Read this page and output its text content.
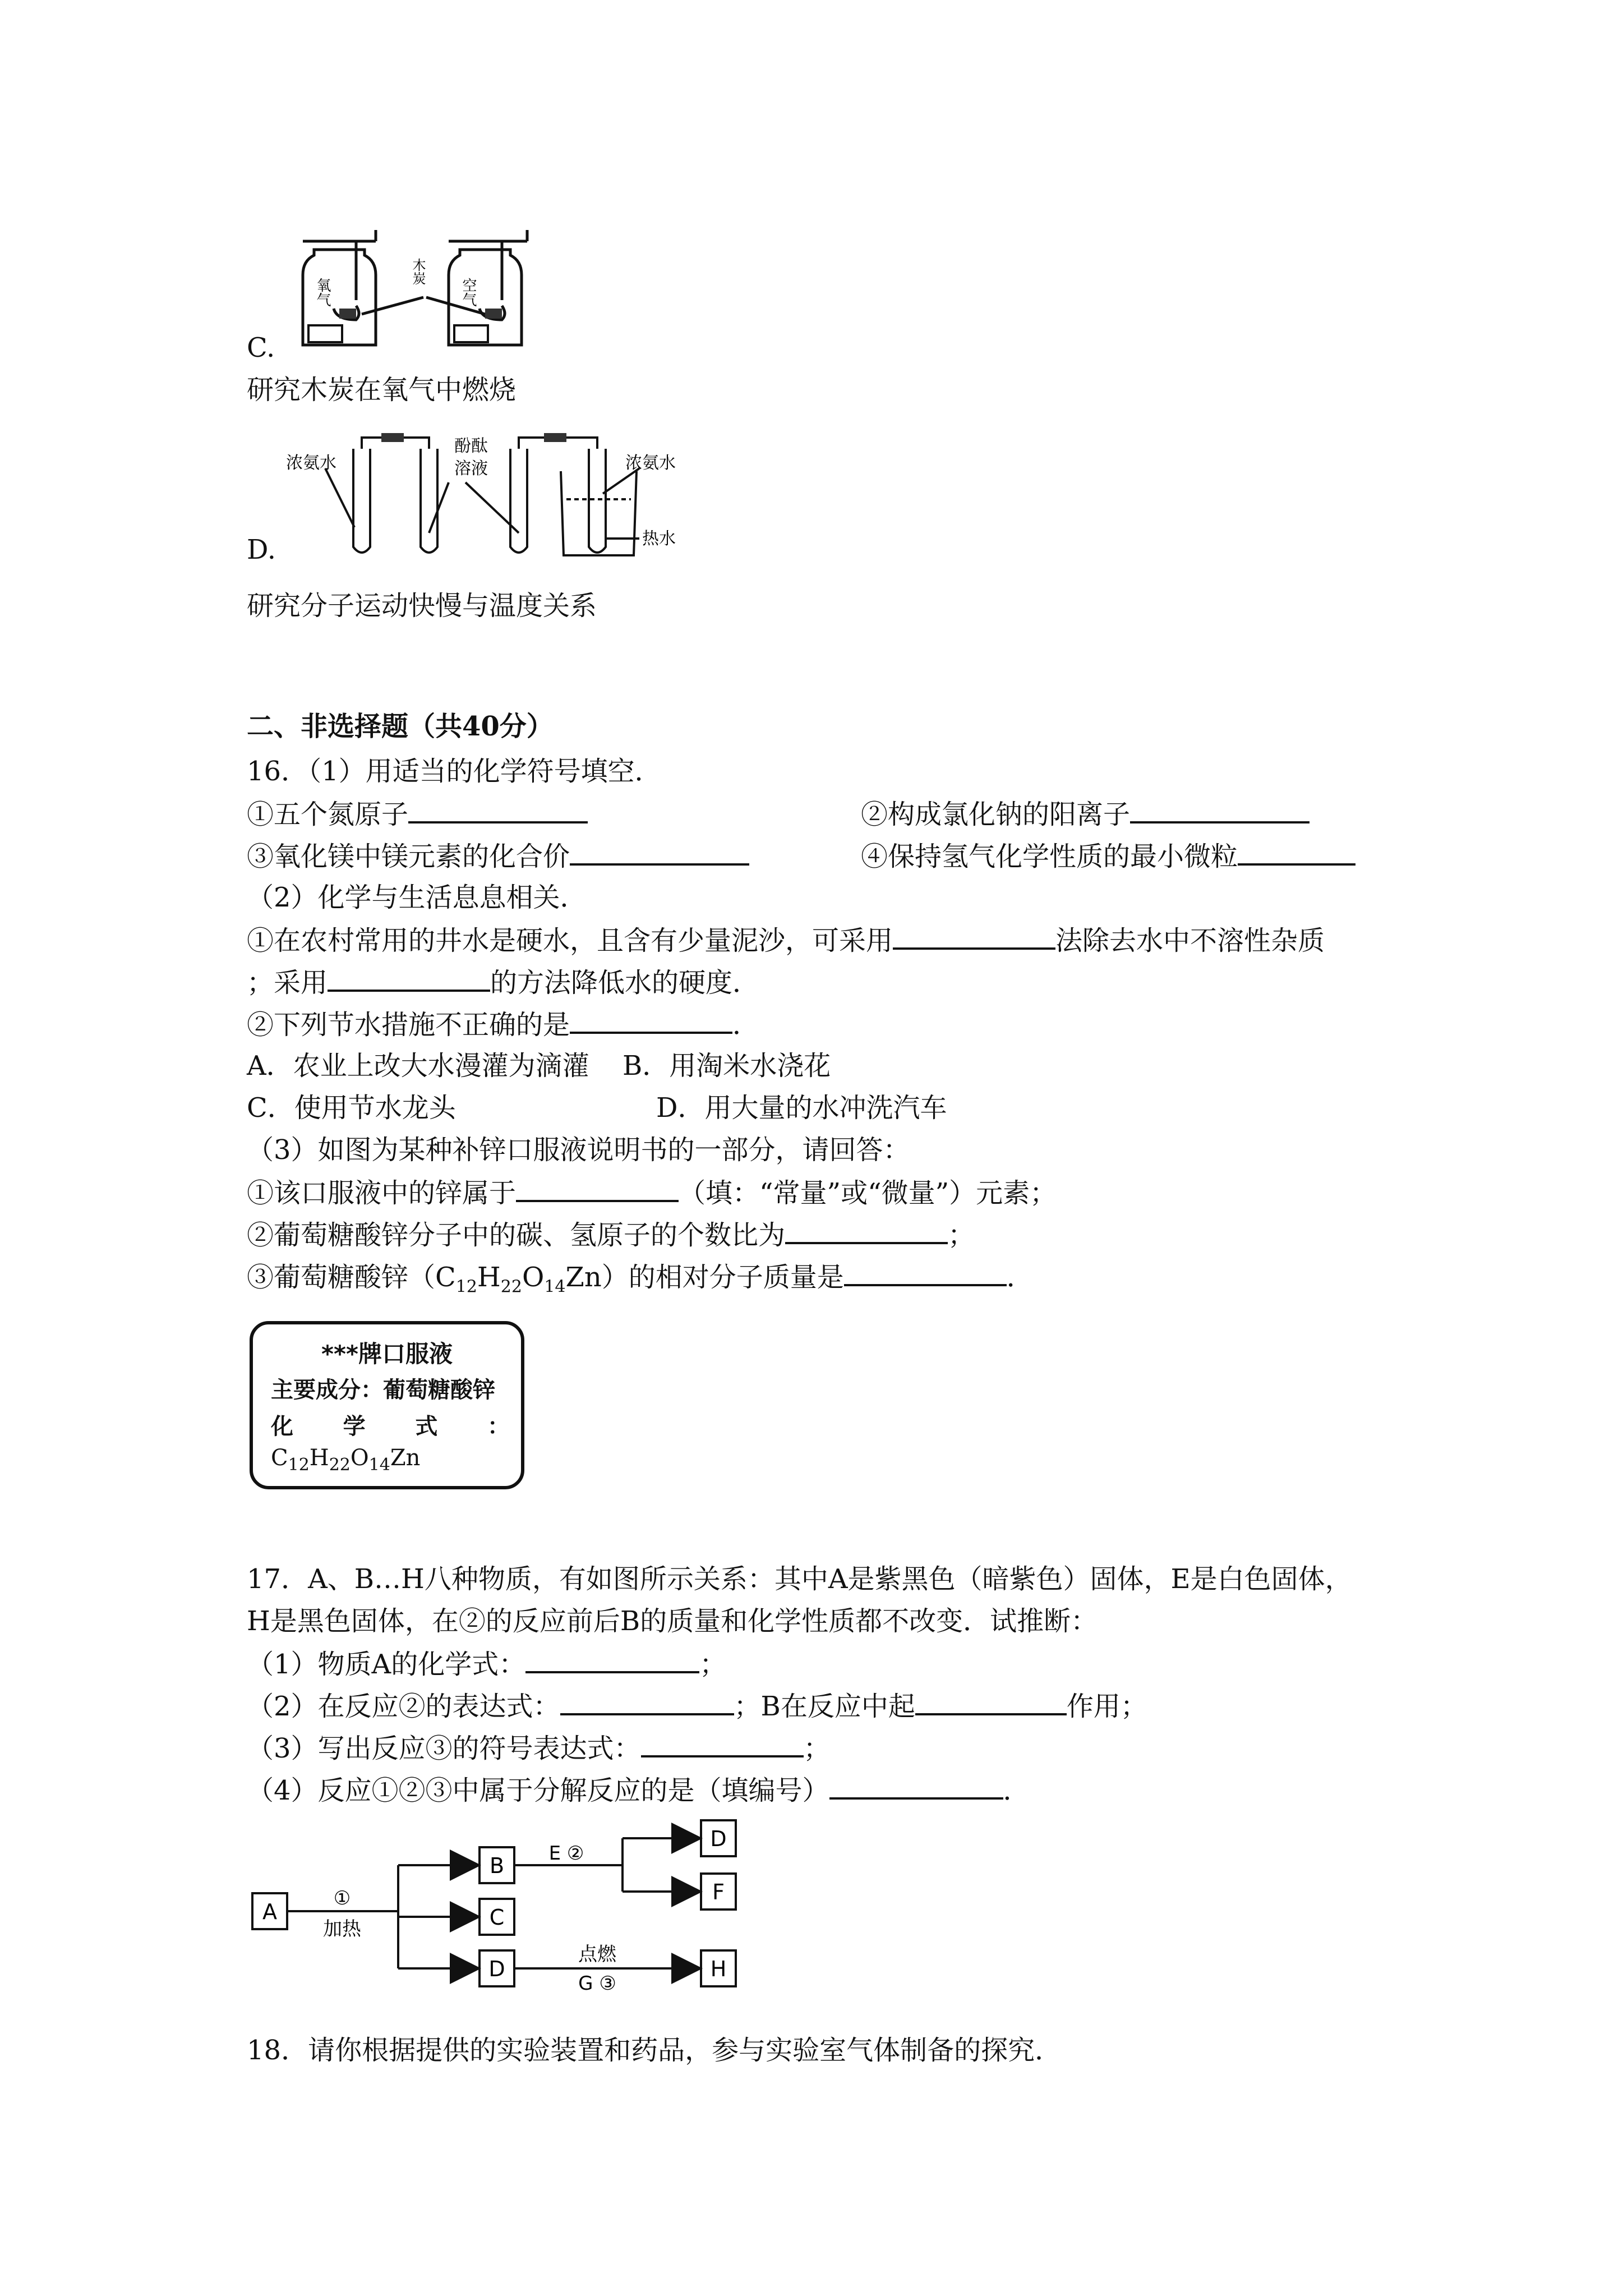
氧气	空气
木炭
C.
研究木炭在氧气中燃烧
浓氨水
酚酞
溶液	浓氨水
热水
D.
研究分子运动快慢与温度关系
二、非选择题（共40分）
16．（1）用适当的化学符号填空．
①五个氮原子	②构成氯化钠的阳离子
③氧化镁中镁元素的化合价	④保持氢气化学性质的最小微粒
（2）化学与生活息息相关．
①在农村常用的井水是硬水，且含有少量泥沙，可采用	法除去水中不溶性杂质
；采用	的方法降低水的硬度．
②下列节水措施不正确的是	．
A．农业上改大水漫灌为滴灌 B．用淘米水浇花
C．使用节水龙头	D．用大量的水冲洗汽车
（3）如图为某种补锌口服液说明书的一部分，请回答：
①该口服液中的锌属于	（填：“常量”或“微量”）元素；
②葡萄糖酸锌分子中的碳、氢原子的个数比为	；
③葡萄糖酸锌$(C_{12}H_{22}O_{14}Zn)$的相对分子质量是	．
***牌口服液
主要成分：葡萄糖酸锌
化 学 式 ：
$C_{12}H_{22}O_{14}Zn$
17．A、B…H八种物质，有如图所示关系：其中A是紫黑色（暗紫色）固体，E是白色固体，
H是黑色固体，在②的反应前后B的质量和化学性质都不改变．试推断：
（1）物质A的化学式：	；
（2）在反应②的表达式：	；B在反应中起	作用；
（3）写出反应③的符号表达式：	；
（4）反应①②③中属于分解反应的是（填编号）	．
A
B
C
D
D
F
H
①
加热
E ②
点燃
G ③
18．请你根据提供的实验装置和药品，参与实验室气体制备的探究．
